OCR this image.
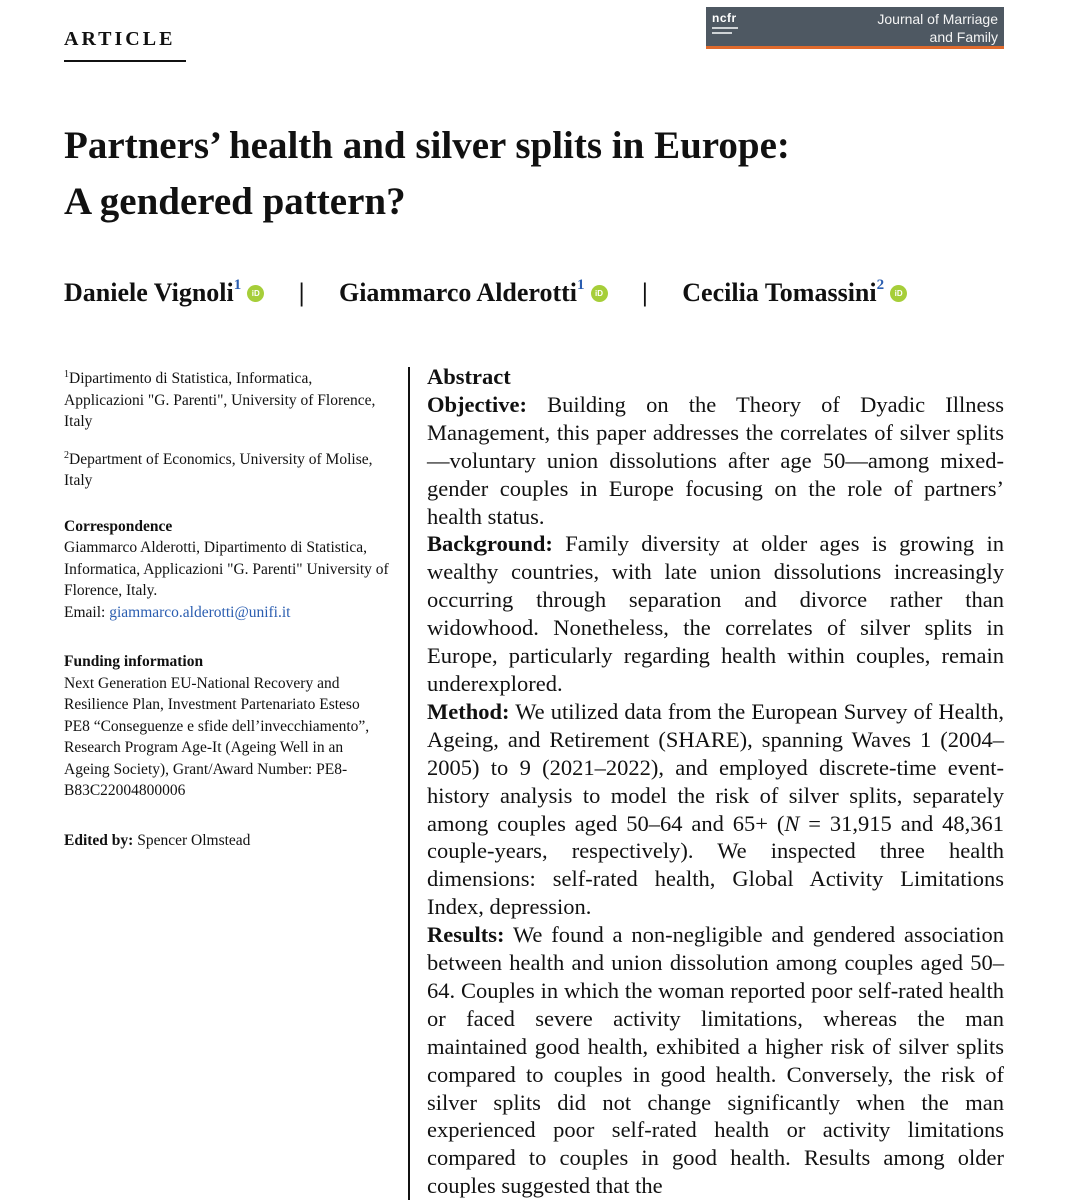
ARTICLE
ncfr	Journal of Marriage
and Family
Partners’ health and silver splits in Europe:
A gendered pattern?
Daniele Vignoli$^1$iD | Giammarco Alderotti$^1$iD | Cecilia Tomassini$^2$iD

$^1$Dipartimento di Statistica, Informatica, Applicazioni "G. Parenti", University of Florence, Italy

$^2$Department of Economics, University of Molise, Italy

Correspondence
Giammarco Alderotti, Dipartimento di Statistica, Informatica, Applicazioni "G. Parenti" University of Florence, Italy.
Email: giammarco.alderotti@unifi.it
Funding information
Next Generation EU-National Recovery and Resilience Plan, Investment Partenariato Esteso PE8 “Conseguenze e sfide dell’invecchiamento”, Research Program Age-It (Ageing Well in an Ageing Society), Grant/Award Number: PE8-B83C22004800006
Edited by: Spencer Olmstead
Abstract

Objective: Building on the Theory of Dyadic Illness Management, this paper addresses the correlates of silver splits—voluntary union dissolutions after age 50—among mixed-gender couples in Europe focusing on the role of partners’ health status.

Background: Family diversity at older ages is growing in wealthy countries, with late union dissolutions increasingly occurring through separation and divorce rather than widowhood. Nonetheless, the correlates of silver splits in Europe, particularly regarding health within couples, remain underexplored.

Method: We utilized data from the European Survey of Health, Ageing, and Retirement (SHARE), spanning Waves 1 (2004–2005) to 9 (2021–2022), and employed discrete-time event-history analysis to model the risk of silver splits, separately among couples aged 50–64 and 65+ (N = 31,915 and 48,361 couple-years, respectively). We inspected three health dimensions: self-rated health, Global Activity Limitations Index, depression.

Results: We found a non-negligible and gendered association between health and union dissolution among couples aged 50–64. Couples in which the woman reported poor self-rated health or faced severe activity limitations, whereas the man maintained good health, exhibited a higher risk of silver splits compared to couples in good health. Conversely, the risk of silver splits did not change significantly when the man experienced poor self-rated health or activity limitations compared to couples in good health. Results among older couples suggested that the
